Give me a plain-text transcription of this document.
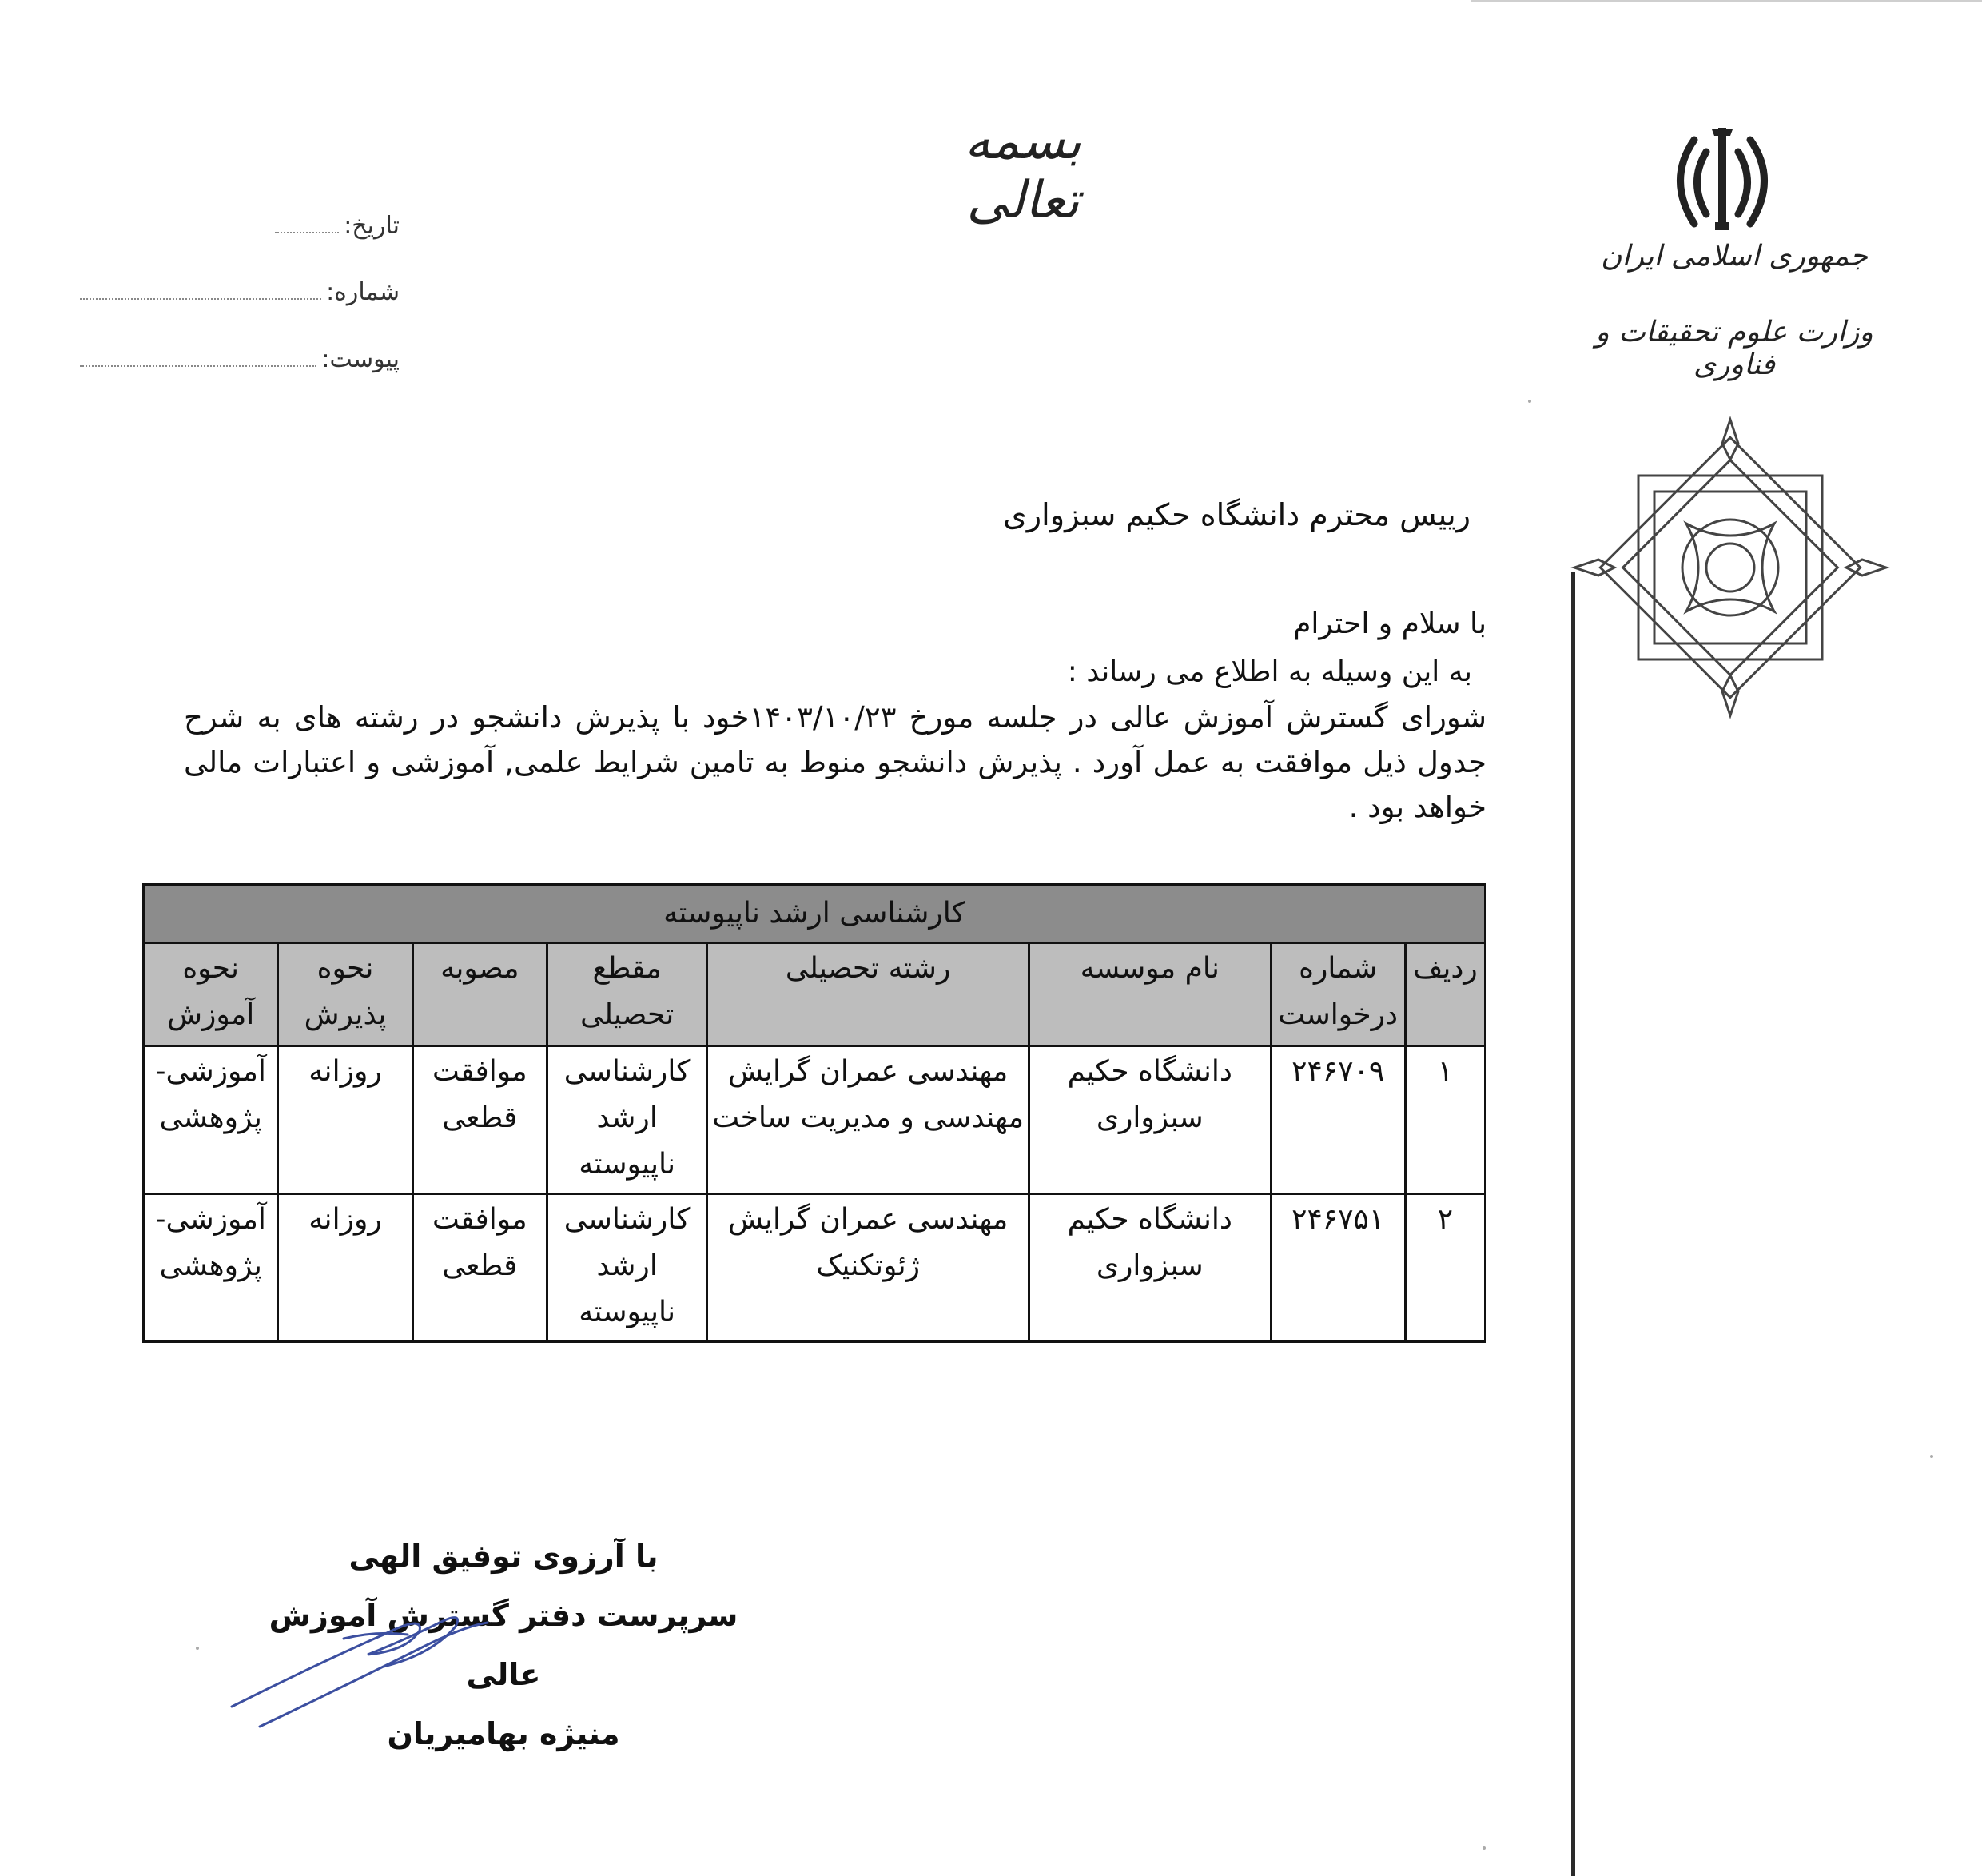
بسمه تعالی
جمهوری اسلامی ایران
وزارت علوم تحقیقات و فناوری
تاریخ:
شماره:
پیوست:
رییس محترم دانشگاه حکیم سبزواری
با سلام و احترام
به این وسیله به اطلاع می رساند :
شورای گسترش آموزش عالی در جلسه مورخ ۱۴۰۳/۱۰/۲۳خود با پذیرش دانشجو در رشته های به شرح جدول ذیل موافقت به عمل آورد . پذیرش دانشجو منوط به تامین شرایط علمی, آموزشی و اعتبارات مالی خواهد بود .
کارشناسی ارشد ناپیوسته							
ردیف	شماره درخواست	نام موسسه	رشته تحصیلی	مقطع تحصیلی	مصوبه	نحوه پذیرش	نحوه آموزش
۱	۲۴۶۷۰۹	دانشگاه حکیم سبزواری	مهندسی عمران گرایش مهندسی و مدیریت ساخت	کارشناسی ارشد ناپیوسته	موافقت قطعی	روزانه	آموزشی-پژوهشی
۲	۲۴۶۷۵۱	دانشگاه حکیم سبزواری	مهندسی عمران گرایش ژئوتکنیک	کارشناسی ارشد ناپیوسته	موافقت قطعی	روزانه	آموزشی-پژوهشی
با آرزوی توفیق الهی
سرپرست دفتر گسترش آموزش عالی
منیژه بهامیریان
